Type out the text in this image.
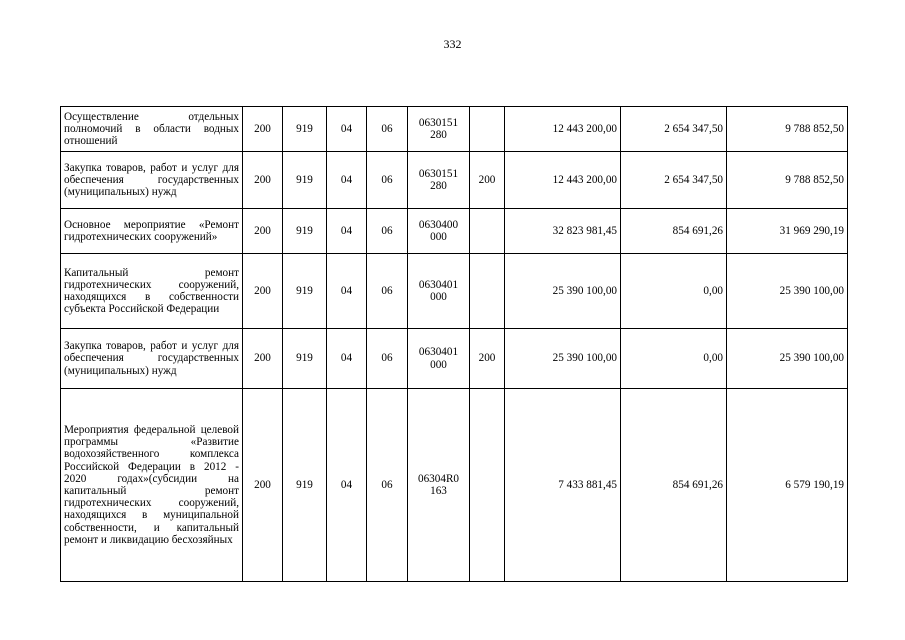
332
Осуществление отдельных полномочий в области водных отношений	200	919	04	06	0630151 280		12 443 200,00	2 654 347,50	9 788 852,50
Закупка товаров, работ и услуг для обеспечения государственных (муниципальных) нужд	200	919	04	06	0630151 280	200	12 443 200,00	2 654 347,50	9 788 852,50
Основное мероприятие «Ремонт гидротехнических сооружений»	200	919	04	06	0630400 000		32 823 981,45	854 691,26	31 969 290,19
Капитальный ремонт гидротехнических сооружений, находящихся в собственности субъекта Российской Федерации	200	919	04	06	0630401 000		25 390 100,00	0,00	25 390 100,00
Закупка товаров, работ и услуг для обеспечения государственных (муниципальных) нужд	200	919	04	06	0630401 000	200	25 390 100,00	0,00	25 390 100,00
Мероприятия федеральной целевой программы «Развитие водохозяйственного комплекса Российской Федерации в 2012 - 2020 годах»(субсидии на капитальный ремонт гидротехнических сооружений, находящихся в муниципальной собственности, и капитальный ремонт и ликвидацию бесхозяйных	200	919	04	06	06304R0 163		7 433 881,45	854 691,26	6 579 190,19
